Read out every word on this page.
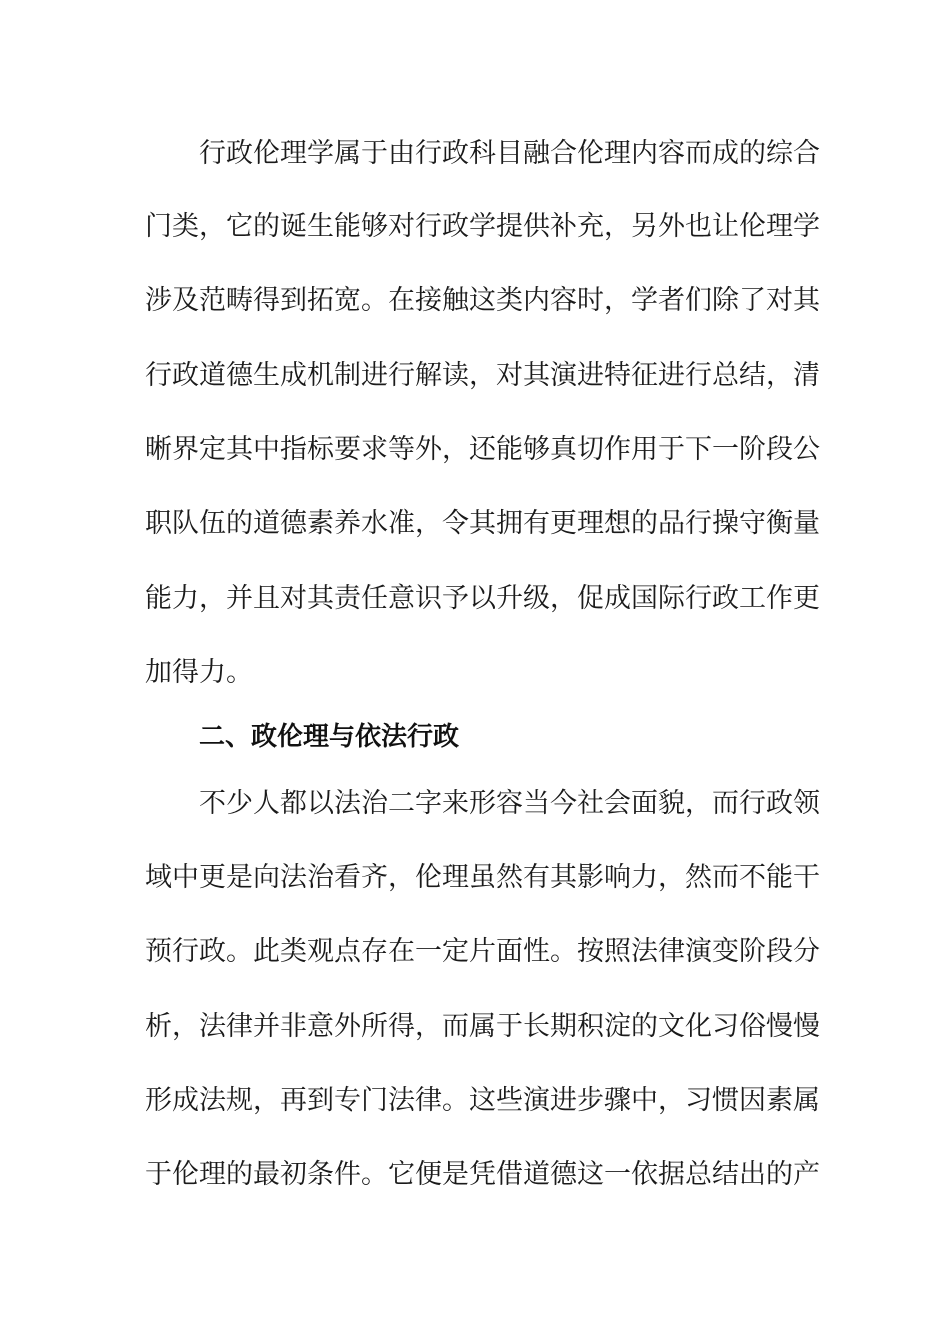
行政伦理学属于由行政科目融合伦理内容而成的综合
门类，它的诞生能够对行政学提供补充，另外也让伦理学
涉及范畴得到拓宽。在接触这类内容时，学者们除了对其
行政道德生成机制进行解读，对其演进特征进行总结，清
晰界定其中指标要求等外，还能够真切作用于下一阶段公
职队伍的道德素养水准，令其拥有更理想的品行操守衡量
能力，并且对其责任意识予以升级，促成国际行政工作更
加得力。
二、政伦理与依法行政
不少人都以法治二字来形容当今社会面貌，而行政领
域中更是向法治看齐，伦理虽然有其影响力，然而不能干
预行政。此类观点存在一定片面性。按照法律演变阶段分
析，法律并非意外所得，而属于长期积淀的文化习俗慢慢
形成法规，再到专门法律。这些演进步骤中，习惯因素属
于伦理的最初条件。它便是凭借道德这一依据总结出的产
